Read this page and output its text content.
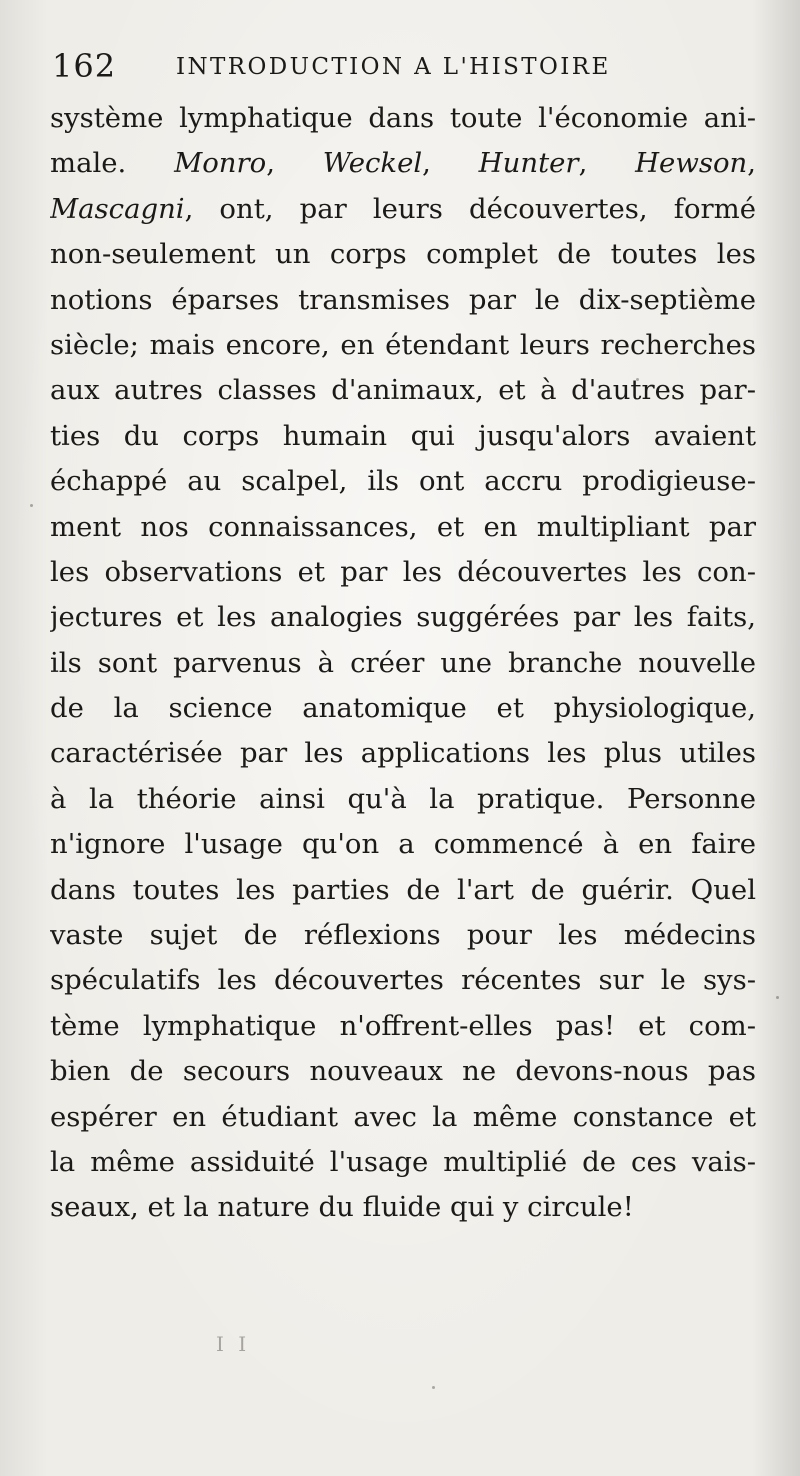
162	INTRODUCTION A L'HISTOIRE
système lymphatique dans toute l'économie ani-
male. Monro, Weckel, Hunter, Hewson,
Mascagni, ont, par leurs découvertes, formé
non-seulement un corps complet de toutes les
notions éparses transmises par le dix-septième
siècle; mais encore, en étendant leurs recherches
aux autres classes d'animaux, et à d'autres par-
ties du corps humain qui jusqu'alors avaient
échappé au scalpel, ils ont accru prodigieuse-
ment nos connaissances, et en multipliant par
les observations et par les découvertes les con-
jectures et les analogies suggérées par les faits,
ils sont parvenus à créer une branche nouvelle
de la science anatomique et physiologique,
caractérisée par les applications les plus utiles
à la théorie ainsi qu'à la pratique. Personne
n'ignore l'usage qu'on a commencé à en faire
dans toutes les parties de l'art de guérir. Quel
vaste sujet de réflexions pour les médecins
spéculatifs les découvertes récentes sur le sys-
tème lymphatique n'offrent-elles pas! et com-
bien de secours nouveaux ne devons-nous pas
espérer en étudiant avec la même constance et
la même assiduité l'usage multiplié de ces vais-
seaux, et la nature du fluide qui y circule!
I I
